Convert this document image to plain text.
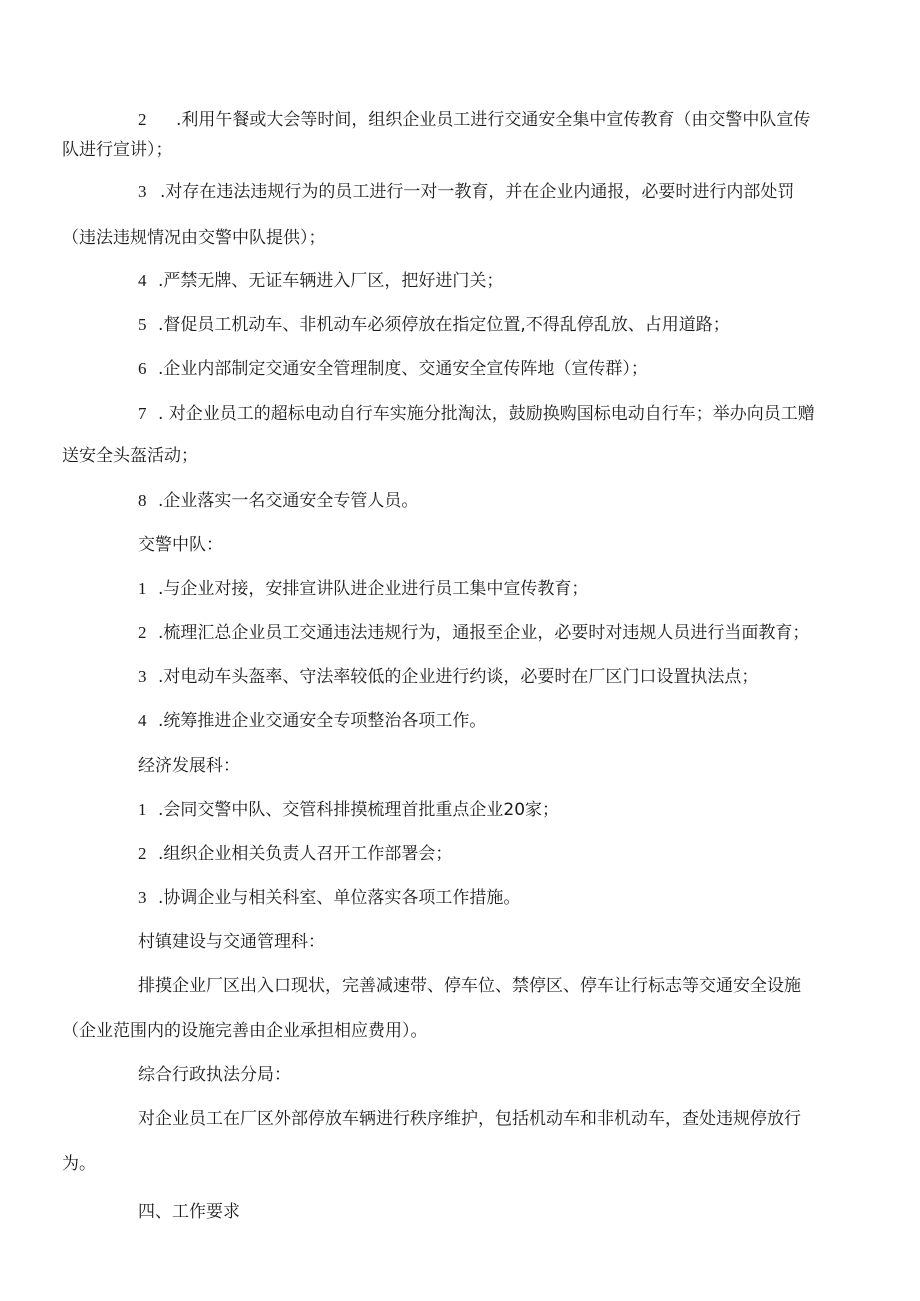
2 .利用午餐或大会等时间，组织企业员工进行交通安全集中宣传教育（由交警中队宣传
队进行宣讲）；
3 .对存在违法违规行为的员工进行一对一教育，并在企业内通报，必要时进行内部处罚
（违法违规情况由交警中队提供）；
4 .严禁无牌、无证车辆进入厂区，把好进门关；
5 .督促员工机动车、非机动车必须停放在指定位置,不得乱停乱放、占用道路；
6 .企业内部制定交通安全管理制度、交通安全宣传阵地（宣传群）；
7 . 对企业员工的超标电动自行车实施分批淘汰，鼓励换购国标电动自行车；举办向员工赠
送安全头盔活动；
8 .企业落实一名交通安全专管人员。
交警中队：
1 .与企业对接，安排宣讲队进企业进行员工集中宣传教育；
2 .梳理汇总企业员工交通违法违规行为，通报至企业，必要时对违规人员进行当面教育；
3 .对电动车头盔率、守法率较低的企业进行约谈，必要时在厂区门口设置执法点；
4 .统筹推进企业交通安全专项整治各项工作。
经济发展科：
1 .会同交警中队、交管科排摸梳理首批重点企业20家；
2 .组织企业相关负责人召开工作部署会；
3 .协调企业与相关科室、单位落实各项工作措施。
村镇建设与交通管理科：
排摸企业厂区出入口现状，完善减速带、停车位、禁停区、停车让行标志等交通安全设施
（企业范围内的设施完善由企业承担相应费用）。
综合行政执法分局：
对企业员工在厂区外部停放车辆进行秩序维护，包括机动车和非机动车，查处违规停放行
为。
四、工作要求
